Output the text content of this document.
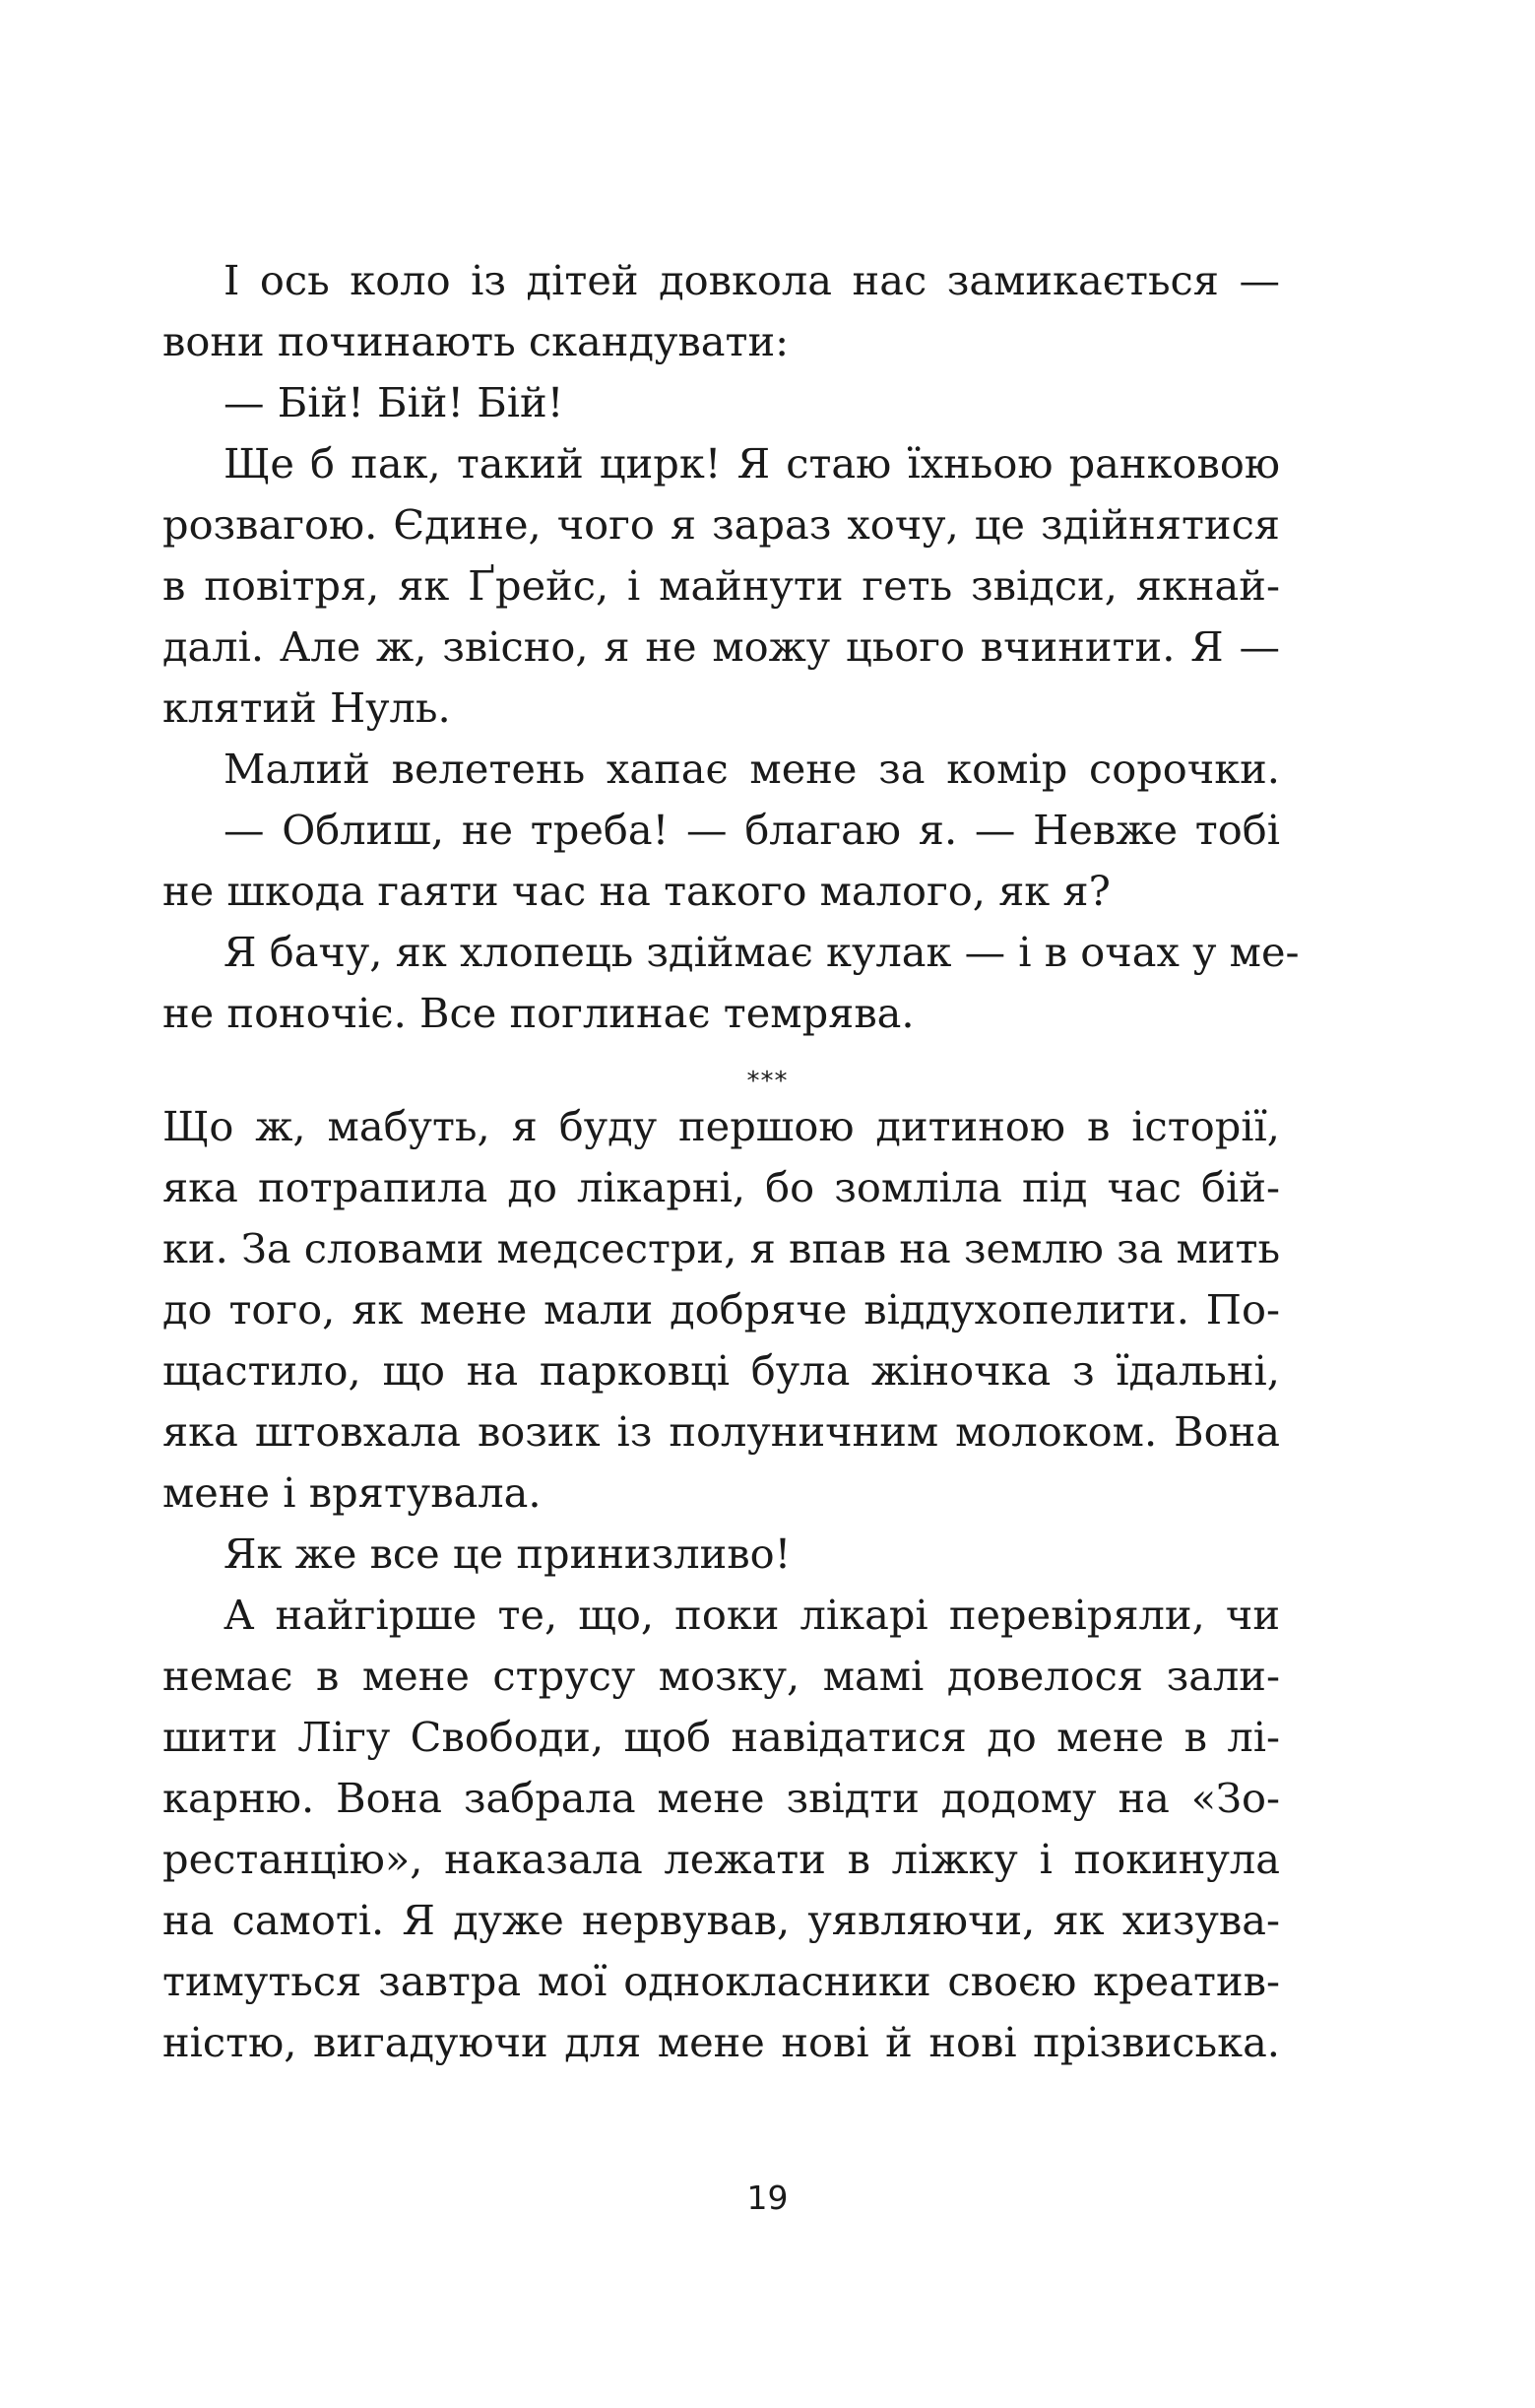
І ось коло із дітей довкола нас замикається —
вони починають скандувати:
— Бій! Бій! Бій!
Ще б пак, такий цирк! Я стаю їхньою ранковою
розвагою. Єдине, чого я зараз хочу, це здійнятися
в повітря, як Ґрейс, і майнути геть звідси, якнай-
далі. Але ж, звісно, я не можу цього вчинити. Я —
клятий Нуль.
Малий велетень хапає мене за комір сорочки.
— Облиш, не треба! — благаю я. — Невже тобі
не шкода гаяти час на такого малого, як я?
Я бачу, як хлопець здіймає кулак — і в очах у ме-
не поночіє. Все поглинає темрява.
***
Що ж, мабуть, я буду першою дитиною в історії,
яка потрапила до лікарні, бо зомліла під час бій-
ки. За словами медсестри, я впав на землю за мить
до того, як мене мали добряче віддухопелити. По-
щастило, що на парковці була жіночка з їдальні,
яка штовхала возик із полуничним молоком. Вона
мене і врятувала.
Як же все це принизливо!
А найгірше те, що, поки лікарі перевіряли, чи
немає в мене струсу мозку, мамі довелося зали-
шити Лігу Свободи, щоб навідатися до мене в лі-
карню. Вона забрала мене звідти додому на «Зо-
рестанцію», наказала лежати в ліжку і покинула
на самоті. Я дуже нервував, уявляючи, як хизува-
тимуться завтра мої однокласники своєю креатив-
ністю, вигадуючи для мене нові й нові прізвиська.
19
